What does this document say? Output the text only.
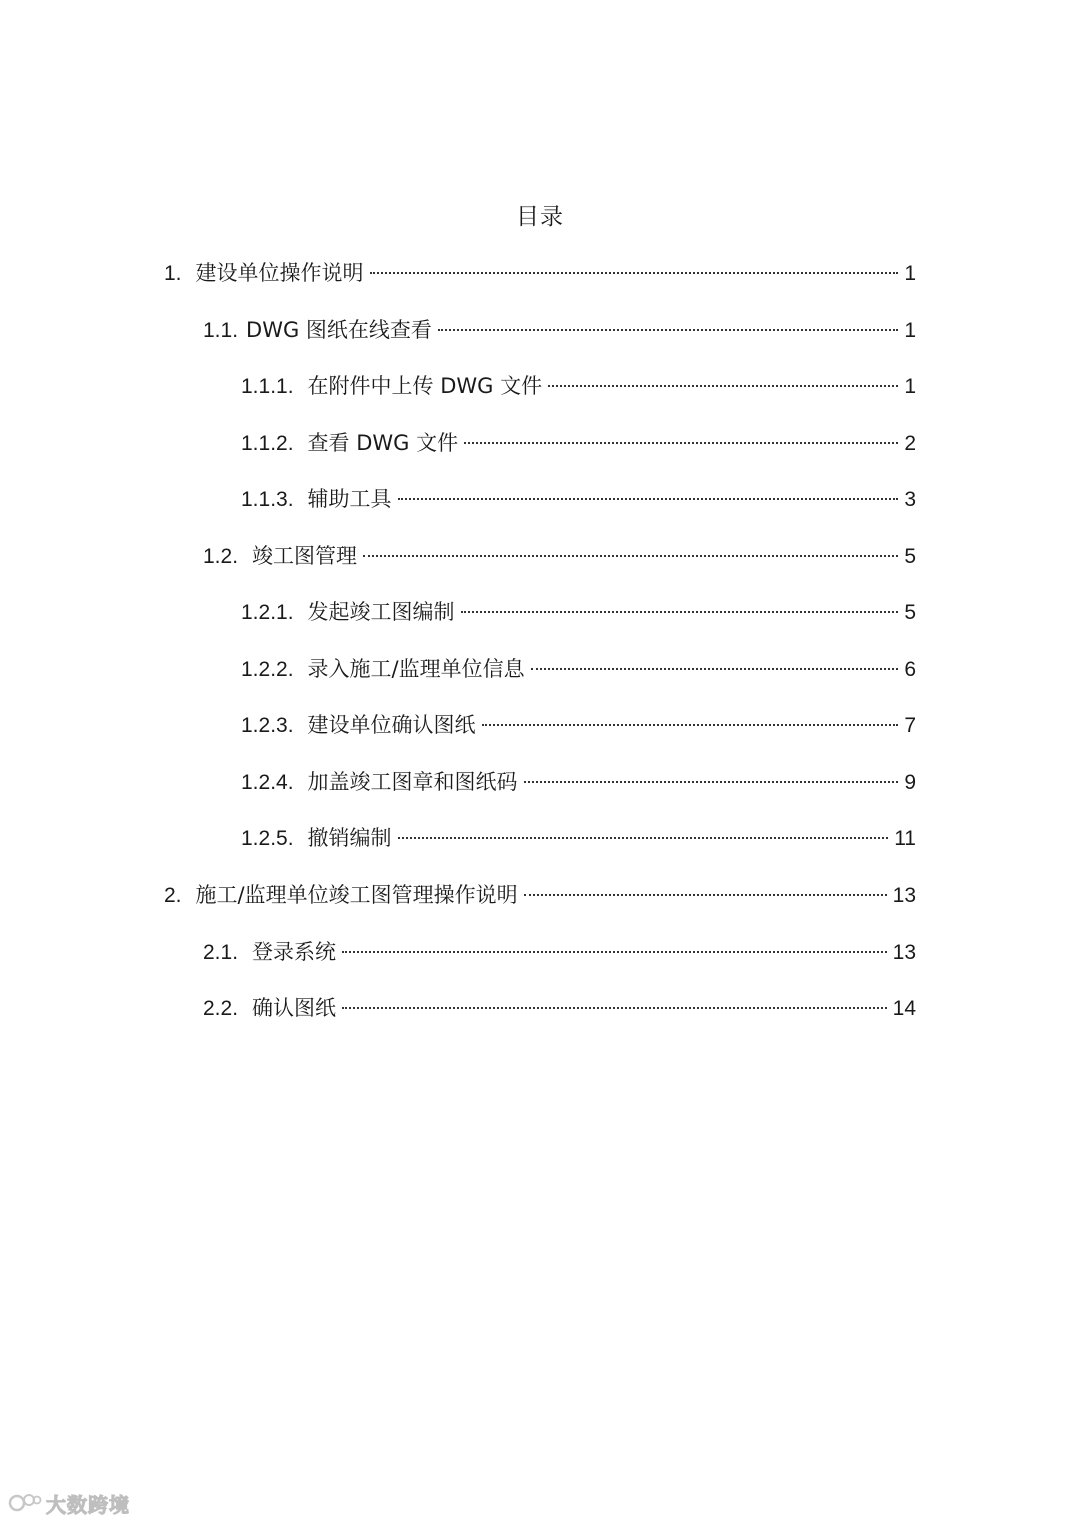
目录
1. 建设单位操作说明	1
1.1. DWG 图纸在线查看	1
1.1.1. 在附件中上传 DWG 文件	1
1.1.2. 查看 DWG 文件	2
1.1.3. 辅助工具	3
1.2. 竣工图管理	5
1.2.1. 发起竣工图编制	5
1.2.2. 录入施工/监理单位信息	6
1.2.3. 建设单位确认图纸	7
1.2.4. 加盖竣工图章和图纸码	9
1.2.5. 撤销编制	11
2. 施工/监理单位竣工图管理操作说明	13
2.1. 登录系统	13
2.2. 确认图纸	14
大数跨境
